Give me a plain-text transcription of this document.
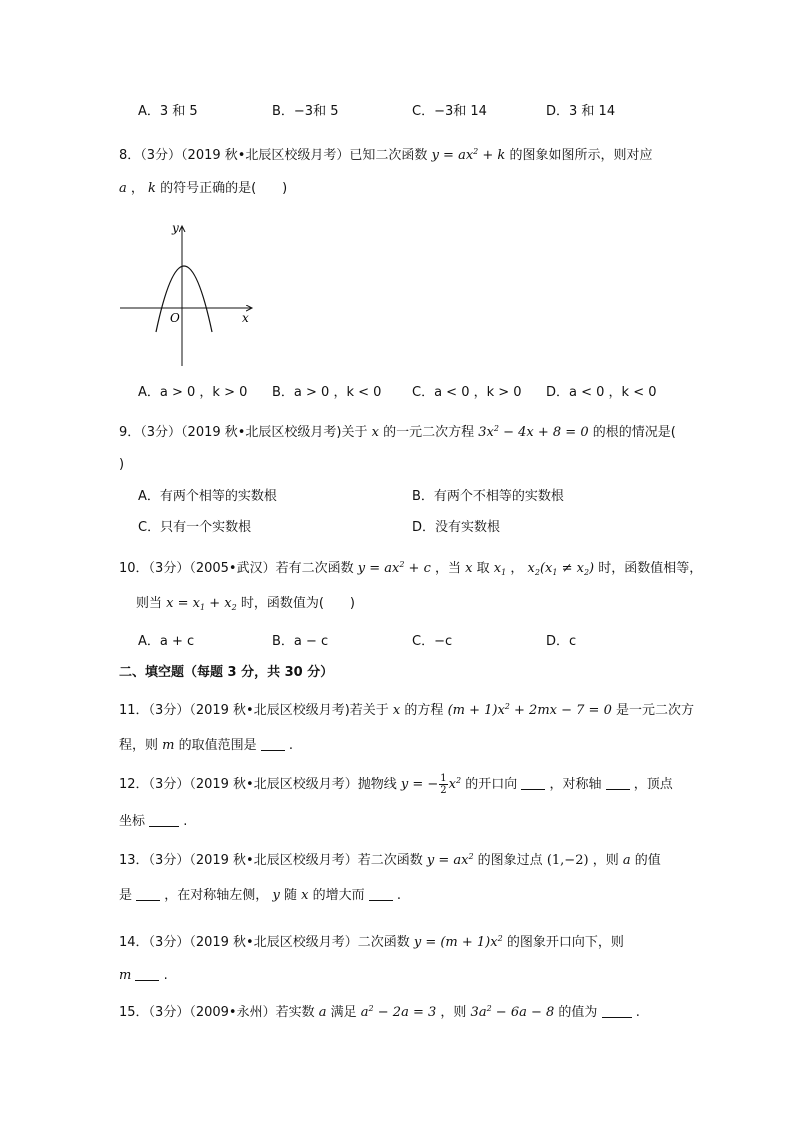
A．3 和 5	B．−3和 5	C．−3和 14	D．3 和 14
8．（3分）（2019 秋•北辰区校级月考）已知二次函数 $y = ax^2 + k$ 的图象如图所示，则对应
a ， k 的符号正确的是(　　)
y
x
O
A．a > 0 ，k > 0 B．a > 0 ，k < 0 C．a < 0 ，k > 0 D．a < 0 ，k < 0
9．（3分）（2019 秋•北辰区校级月考)关于 x 的一元二次方程 $3x^2 - 4x + 8 = 0$ 的根的情况是(
)
A．有两个相等的实数根	B．有两个不相等的实数根
C．只有一个实数根	D．没有实数根
10．（3分）（2005•武汉）若有二次函数 $y = ax^2 + c$ ，当 x 取 $x_1$ ， $x_2(x_1 \ne x_2)$ 时，函数值相等，
则当 $x = x_1 + x_2$ 时，函数值为(　　)
A．a + c	B．a − c	C．−c	D．c
二、填空题（每题 3 分，共 30 分）
11．（3分）（2019 秋•北辰区校级月考)若关于 x 的方程 $(m + 1)x^2 + 2mx - 7 = 0$ 是一元二次方
程，则 m 的取值范围是 .
12．（3分）（2019 秋•北辰区校级月考）抛物线 y = − $\frac{1}{2} x^2$ 的开口向 ，对称轴 ，顶点
坐标	.
13．（3分）（2019 秋•北辰区校级月考）若二次函数 $y = ax^2$ 的图象过点 (1,−2) ，则 a 的值
是 ，在对称轴左侧， y 随 x 的增大而 .
14．（3分）（2019 秋•北辰区校级月考）二次函数 $y = (m + 1)x^2$ 的图象开口向下，则
m .
15．（3分）（2009•永州）若实数 a 满足 $a^2 - 2a = 3$ ，则 $3a^2 - 6a - 8$ 的值为	.
